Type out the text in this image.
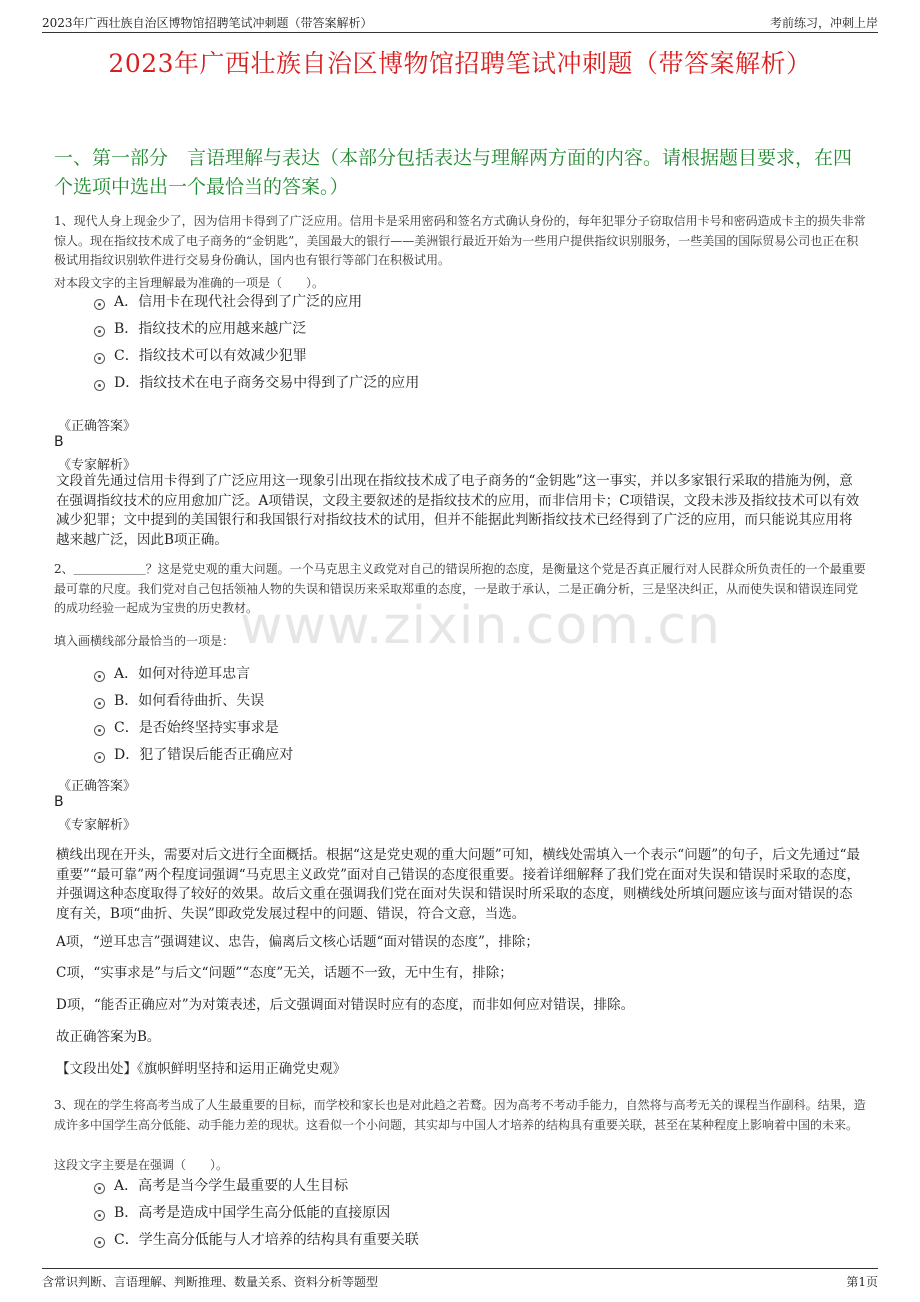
2023年广西壮族自治区博物馆招聘笔试冲刺题（带答案解析）	考前练习，冲刺上岸
2023年广西壮族自治区博物馆招聘笔试冲刺题（带答案解析）
一、第一部分　言语理解与表达（本部分包括表达与理解两方面的内容。请根据题目要求，在四个选项中选出一个最恰当的答案。）
www.zixin.com.cn
1、现代人身上现金少了，因为信用卡得到了广泛应用。信用卡是采用密码和签名方式确认身份的，每年犯罪分子窃取信用卡号和密码造成卡主的损失非常惊人。现在指纹技术成了电子商务的“金钥匙”，美国最大的银行——美洲银行最近开始为一些用户提供指纹识别服务，一些美国的国际贸易公司也正在积极试用指纹识别软件进行交易身份确认，国内也有银行等部门在积极试用。
对本段文字的主旨理解最为准确的一项是（　　）。
A．信用卡在现代社会得到了广泛的应用
B．指纹技术的应用越来越广泛
C．指纹技术可以有效减少犯罪
D．指纹技术在电子商务交易中得到了广泛的应用
《正确答案》
B
《专家解析》
文段首先通过信用卡得到了广泛应用这一现象引出现在指纹技术成了电子商务的“金钥匙”这一事实，并以多家银行采取的措施为例，意在强调指纹技术的应用愈加广泛。A项错误，文段主要叙述的是指纹技术的应用，而非信用卡；C项错误，文段未涉及指纹技术可以有效减少犯罪；文中提到的美国银行和我国银行对指纹技术的试用，但并不能据此判断指纹技术已经得到了广泛的应用，而只能说其应用将越来越广泛，因此B项正确。
2、＿＿＿＿＿＿？这是党史观的重大问题。一个马克思主义政党对自己的错误所抱的态度，是衡量这个党是否真正履行对人民群众所负责任的一个最重要最可靠的尺度。我们党对自己包括领袖人物的失误和错误历来采取郑重的态度，一是敢于承认，二是正确分析，三是坚决纠正，从而使失误和错误连同党的成功经验一起成为宝贵的历史教材。
填入画横线部分最恰当的一项是：
A．如何对待逆耳忠言
B．如何看待曲折、失误
C．是否始终坚持实事求是
D．犯了错误后能否正确应对
《正确答案》
B
《专家解析》
横线出现在开头，需要对后文进行全面概括。根据“这是党史观的重大问题”可知，横线处需填入一个表示“问题”的句子，后文先通过“最重要”“最可靠”两个程度词强调“马克思主义政党”面对自己错误的态度很重要。接着详细解释了我们党在面对失误和错误时采取的态度，并强调这种态度取得了较好的效果。故后文重在强调我们党在面对失误和错误时所采取的态度，则横线处所填问题应该与面对错误的态度有关，B项“曲折、失误”即政党发展过程中的问题、错误，符合文意，当选。
A项，“逆耳忠言”强调建议、忠告，偏离后文核心话题“面对错误的态度”，排除；
C项，“实事求是”与后文“问题”“态度”无关，话题不一致，无中生有，排除；
D项，“能否正确应对”为对策表述，后文强调面对错误时应有的态度，而非如何应对错误，排除。
故正确答案为B。
【文段出处】《旗帜鲜明坚持和运用正确党史观》
3、现在的学生将高考当成了人生最重要的目标，而学校和家长也是对此趋之若鹜。因为高考不考动手能力，自然将与高考无关的课程当作副科。结果，造成许多中国学生高分低能、动手能力差的现状。这看似一个小问题，其实却与中国人才培养的结构具有重要关联，甚至在某种程度上影响着中国的未来。
这段文字主要是在强调（　　）。
A．高考是当今学生最重要的人生目标
B．高考是造成中国学生高分低能的直接原因
C．学生高分低能与人才培养的结构具有重要关联
含常识判断、言语理解、判断推理、数量关系、资料分析等题型	第1页
